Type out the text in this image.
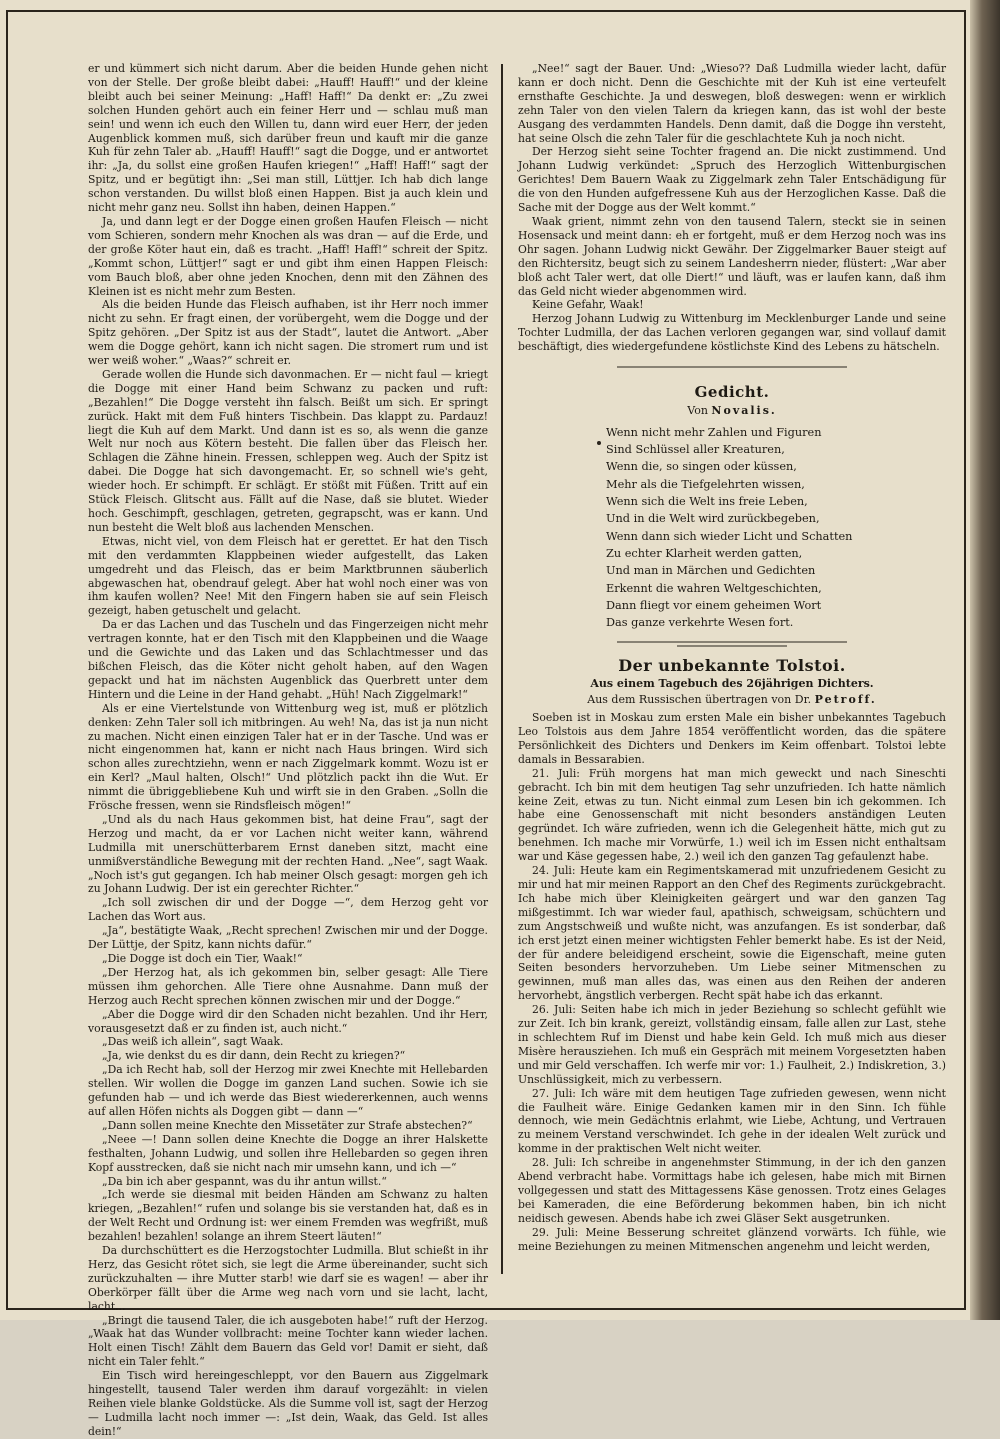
er und kümmert sich nicht darum. Aber die beiden Hunde gehen nicht von der Stelle. Der große bleibt dabei: „Hauff! Hauff!“ und der kleine bleibt auch bei seiner Meinung: „Haff! Haff!“ Da denkt er: „Zu zwei solchen Hunden gehört auch ein feiner Herr und — schlau muß man sein! und wenn ich euch den Willen tu, dann wird euer Herr, der jeden Augenblick kommen muß, sich darüber freun und kauft mir die ganze Kuh für zehn Taler ab. „Hauff! Hauff!“ sagt die Dogge, und er antwortet ihr: „Ja, du sollst eine großen Haufen kriegen!“ „Haff! Haff!“ sagt der Spitz, und er begütigt ihn: „Sei man still, Lüttjer. Ich hab dich lange schon verstanden. Du willst bloß einen Happen. Bist ja auch klein und nicht mehr ganz neu. Sollst ihn haben, deinen Happen.“

Ja, und dann legt er der Dogge einen großen Haufen Fleisch — nicht vom Schieren, sondern mehr Knochen als was dran — auf die Erde, und der große Köter haut ein, daß es tracht. „Haff! Haff!“ schreit der Spitz. „Kommt schon, Lüttjer!“ sagt er und gibt ihm einen Happen Fleisch: vom Bauch bloß, aber ohne jeden Knochen, denn mit den Zähnen des Kleinen ist es nicht mehr zum Besten.

Als die beiden Hunde das Fleisch aufhaben, ist ihr Herr noch immer nicht zu sehn. Er fragt einen, der vorübergeht, wem die Dogge und der Spitz gehören. „Der Spitz ist aus der Stadt“, lautet die Antwort. „Aber wem die Dogge gehört, kann ich nicht sagen. Die stromert rum und ist wer weiß woher.“ „Waas?“ schreit er.

Gerade wollen die Hunde sich davonmachen. Er — nicht faul — kriegt die Dogge mit einer Hand beim Schwanz zu packen und ruft: „Bezahlen!“ Die Dogge versteht ihn falsch. Beißt um sich. Er springt zurück. Hakt mit dem Fuß hinters Tischbein. Das klappt zu. Pardauz! liegt die Kuh auf dem Markt. Und dann ist es so, als wenn die ganze Welt nur noch aus Kötern besteht. Die fallen über das Fleisch her. Schlagen die Zähne hinein. Fressen, schleppen weg. Auch der Spitz ist dabei. Die Dogge hat sich davongemacht. Er, so schnell wie's geht, wieder hoch. Er schimpft. Er schlägt. Er stößt mit Füßen. Tritt auf ein Stück Fleisch. Glitscht aus. Fällt auf die Nase, daß sie blutet. Wieder hoch. Geschimpft, geschlagen, getreten, gegrapscht, was er kann. Und nun besteht die Welt bloß aus lachenden Menschen.

Etwas, nicht viel, von dem Fleisch hat er gerettet. Er hat den Tisch mit den verdammten Klappbeinen wieder aufgestellt, das Laken umgedreht und das Fleisch, das er beim Marktbrunnen säuberlich abgewaschen hat, obendrauf gelegt. Aber hat wohl noch einer was von ihm kaufen wollen? Nee! Mit den Fingern haben sie auf sein Fleisch gezeigt, haben getuschelt und gelacht.

Da er das Lachen und das Tuscheln und das Fingerzeigen nicht mehr vertragen konnte, hat er den Tisch mit den Klappbeinen und die Waage und die Gewichte und das Laken und das Schlachtmesser und das bißchen Fleisch, das die Köter nicht geholt haben, auf den Wagen gepackt und hat im nächsten Augenblick das Querbrett unter dem Hintern und die Leine in der Hand gehabt. „Hüh! Nach Ziggelmark!“

Als er eine Viertelstunde von Wittenburg weg ist, muß er plötzlich denken: Zehn Taler soll ich mitbringen. Au weh! Na, das ist ja nun nicht zu machen. Nicht einen einzigen Taler hat er in der Tasche. Und was er nicht eingenommen hat, kann er nicht nach Haus bringen. Wird sich schon alles zurechtziehn, wenn er nach Ziggelmark kommt. Wozu ist er ein Kerl? „Maul halten, Olsch!“ Und plötzlich packt ihn die Wut. Er nimmt die übriggebliebene Kuh und wirft sie in den Graben. „Solln die Frösche fressen, wenn sie Rindsfleisch mögen!“

„Und als du nach Haus gekommen bist, hat deine Frau“, sagt der Herzog und macht, da er vor Lachen nicht weiter kann, während Ludmilla mit unerschütterbarem Ernst daneben sitzt, macht eine unmißverständliche Bewegung mit der rechten Hand. „Nee“, sagt Waak. „Noch ist's gut gegangen. Ich hab meiner Olsch gesagt: morgen geh ich zu Johann Ludwig. Der ist ein gerechter Richter.“

„Ich soll zwischen dir und der Dogge —“, dem Herzog geht vor Lachen das Wort aus.

„Ja“, bestätigte Waak, „Recht sprechen! Zwischen mir und der Dogge. Der Lüttje, der Spitz, kann nichts dafür.“

„Die Dogge ist doch ein Tier, Waak!“

„Der Herzog hat, als ich gekommen bin, selber gesagt: Alle Tiere müssen ihm gehorchen. Alle Tiere ohne Ausnahme. Dann muß der Herzog auch Recht sprechen können zwischen mir und der Dogge.“

„Aber die Dogge wird dir den Schaden nicht bezahlen. Und ihr Herr, vorausgesetzt daß er zu finden ist, auch nicht.“

„Das weiß ich allein“, sagt Waak.

„Ja, wie denkst du es dir dann, dein Recht zu kriegen?“

„Da ich Recht hab, soll der Herzog mir zwei Knechte mit Hellebarden stellen. Wir wollen die Dogge im ganzen Land suchen. Sowie ich sie gefunden hab — und ich werde das Biest wiedererkennen, auch wenns auf allen Höfen nichts als Doggen gibt — dann —“

„Dann sollen meine Knechte den Missetäter zur Strafe abstechen?“

„Neee —! Dann sollen deine Knechte die Dogge an ihrer Halskette festhalten, Johann Ludwig, und sollen ihre Hellebarden so gegen ihren Kopf ausstrecken, daß sie nicht nach mir umsehn kann, und ich —“

„Da bin ich aber gespannt, was du ihr antun willst.“

„Ich werde sie diesmal mit beiden Händen am Schwanz zu halten kriegen, „Bezahlen!“ rufen und solange bis sie verstanden hat, daß es in der Welt Recht und Ordnung ist: wer einem Fremden was wegfrißt, muß bezahlen! bezahlen! solange an ihrem Steert läuten!“

Da durchschüttert es die Herzogstochter Ludmilla. Blut schießt in ihr Herz, das Gesicht rötet sich, sie legt die Arme übereinander, sucht sich zurückzuhalten — ihre Mutter starb! wie darf sie es wagen! — aber ihr Oberkörper fällt über die Arme weg nach vorn und sie lacht, lacht, lacht...

„Bringt die tausend Taler, die ich ausgeboten habe!“ ruft der Herzog. „Waak hat das Wunder vollbracht: meine Tochter kann wieder lachen. Holt einen Tisch! Zählt dem Bauern das Geld vor! Damit er sieht, daß nicht ein Taler fehlt.“

Ein Tisch wird hereingeschleppt, vor den Bauern aus Ziggelmark hingestellt, tausend Taler werden ihm darauf vorgezählt: in vielen Reihen viele blanke Goldstücke. Als die Summe voll ist, sagt der Herzog — Ludmilla lacht noch immer —: „Ist dein, Waak, das Geld. Ist alles dein!“

„Nee!“ sagt der Bauer. Und: „Wieso?? Daß Ludmilla wieder lacht, dafür kann er doch nicht. Denn die Geschichte mit der Kuh ist eine verteufelt ernsthafte Geschichte. Ja und deswegen, bloß deswegen: wenn er wirklich zehn Taler von den vielen Talern da kriegen kann, das ist wohl der beste Ausgang des verdammten Handels. Denn damit, daß die Dogge ihn versteht, hat seine Olsch die zehn Taler für die geschlachtete Kuh ja noch nicht.

Der Herzog sieht seine Tochter fragend an. Die nickt zustimmend. Und Johann Ludwig verkündet: „Spruch des Herzoglich Wittenburgischen Gerichtes! Dem Bauern Waak zu Ziggelmark zehn Taler Entschädigung für die von den Hunden aufgefressene Kuh aus der Herzoglichen Kasse. Daß die Sache mit der Dogge aus der Welt kommt.“

Waak grient, nimmt zehn von den tausend Talern, steckt sie in seinen Hosensack und meint dann: eh er fortgeht, muß er dem Herzog noch was ins Ohr sagen. Johann Ludwig nickt Gewähr. Der Ziggelmarker Bauer steigt auf den Richtersitz, beugt sich zu seinem Landesherrn nieder, flüstert: „War aber bloß acht Taler wert, dat olle Diert!“ und läuft, was er laufen kann, daß ihm das Geld nicht wieder abgenommen wird.

Keine Gefahr, Waak!

Herzog Johann Ludwig zu Wittenburg im Mecklenburger Lande und seine Tochter Ludmilla, der das Lachen verloren gegangen war, sind vollauf damit beschäftigt, dies wiedergefundene köstlichste Kind des Lebens zu hätscheln.

Gedicht.
Von Novalis.
Wenn nicht mehr Zahlen und Figuren
Sind Schlüssel aller Kreaturen,
Wenn die, so singen oder küssen,
Mehr als die Tiefgelehrten wissen,
Wenn sich die Welt ins freie Leben,
Und in die Welt wird zurückbegeben,
Wenn dann sich wieder Licht und Schatten
Zu echter Klarheit werden gatten,
Und man in Märchen und Gedichten
Erkennt die wahren Weltgeschichten,
Dann fliegt vor einem geheimen Wort
Das ganze verkehrte Wesen fort.
Der unbekannte Tolstoi.
Aus einem Tagebuch des 26jährigen Dichters.
Aus dem Russischen übertragen von Dr. Petroff.

Soeben ist in Moskau zum ersten Male ein bisher unbekanntes Tagebuch Leo Tolstois aus dem Jahre 1854 veröffentlicht worden, das die spätere Persönlichkeit des Dichters und Denkers im Keim offenbart. Tolstoi lebte damals in Bessarabien.

21. Juli: Früh morgens hat man mich geweckt und nach Sineschti gebracht. Ich bin mit dem heutigen Tag sehr unzufrieden. Ich hatte nämlich keine Zeit, etwas zu tun. Nicht einmal zum Lesen bin ich gekommen. Ich habe eine Genossenschaft mit nicht besonders anständigen Leuten gegründet. Ich wäre zufrieden, wenn ich die Gelegenheit hätte, mich gut zu benehmen. Ich mache mir Vorwürfe, 1.) weil ich im Essen nicht enthaltsam war und Käse gegessen habe, 2.) weil ich den ganzen Tag gefaulenzt habe.

24. Juli: Heute kam ein Regimentskamerad mit unzufriedenem Gesicht zu mir und hat mir meinen Rapport an den Chef des Regiments zurückgebracht. Ich habe mich über Kleinigkeiten geärgert und war den ganzen Tag mißgestimmt. Ich war wieder faul, apathisch, schweigsam, schüchtern und zum Angstschweiß und wußte nicht, was anzufangen. Es ist sonderbar, daß ich erst jetzt einen meiner wichtigsten Fehler bemerkt habe. Es ist der Neid, der für andere beleidigend erscheint, sowie die Eigenschaft, meine guten Seiten besonders hervorzuheben. Um Liebe seiner Mitmenschen zu gewinnen, muß man alles das, was einen aus den Reihen der anderen hervorhebt, ängstlich verbergen. Recht spät habe ich das erkannt.

26. Juli: Seiten habe ich mich in jeder Beziehung so schlecht gefühlt wie zur Zeit. Ich bin krank, gereizt, vollständig einsam, falle allen zur Last, stehe in schlechtem Ruf im Dienst und habe kein Geld. Ich muß mich aus dieser Misère herausziehen. Ich muß ein Gespräch mit meinem Vorgesetzten haben und mir Geld verschaffen. Ich werfe mir vor: 1.) Faulheit, 2.) Indiskretion, 3.) Unschlüssigkeit, mich zu verbessern.

27. Juli: Ich wäre mit dem heutigen Tage zufrieden gewesen, wenn nicht die Faulheit wäre. Einige Gedanken kamen mir in den Sinn. Ich fühle dennoch, wie mein Gedächtnis erlahmt, wie Liebe, Achtung, und Vertrauen zu meinem Verstand verschwindet. Ich gehe in der idealen Welt zurück und komme in der praktischen Welt nicht weiter.

28. Juli: Ich schreibe in angenehmster Stimmung, in der ich den ganzen Abend verbracht habe. Vormittags habe ich gelesen, habe mich mit Birnen vollgegessen und statt des Mittagessens Käse genossen. Trotz eines Gelages bei Kameraden, die eine Beförderung bekommen haben, bin ich nicht neidisch gewesen. Abends habe ich zwei Gläser Sekt ausgetrunken.

29. Juli: Meine Besserung schreitet glänzend vorwärts. Ich fühle, wie meine Beziehungen zu meinen Mitmenschen angenehm und leicht werden,
